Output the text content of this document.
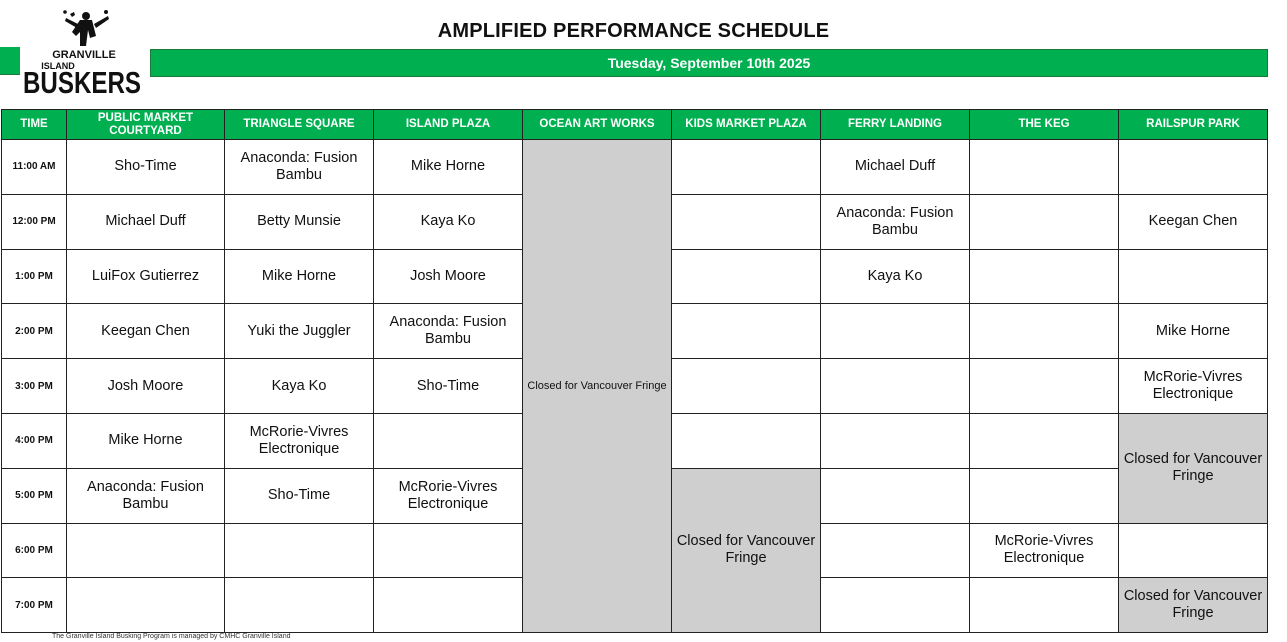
GRANVILLE
ISLAND
BUSKERS
AMPLIFIED PERFORMANCE SCHEDULE
Tuesday, September 10th 2025
TIME	PUBLIC MARKET COURTYARD	TRIANGLE SQUARE	ISLAND PLAZA	OCEAN ART WORKS	KIDS MARKET PLAZA	FERRY LANDING	THE KEG	RAILSPUR PARK
11:00 AM	Sho-Time	Anaconda: Fusion Bambu	Mike Horne	Closed for Vancouver Fringe		Michael Duff		
12:00 PM	Michael Duff	Betty Munsie	Kaya Ko			Anaconda: Fusion Bambu		Keegan Chen
1:00 PM	LuiFox Gutierrez	Mike Horne	Josh Moore			Kaya Ko		
2:00 PM	Keegan Chen	Yuki the Juggler	Anaconda: Fusion Bambu					Mike Horne
3:00 PM	Josh Moore	Kaya Ko	Sho-Time					McRorie-Vivres Electronique
4:00 PM	Mike Horne	McRorie-Vivres Electronique						Closed for Vancouver Fringe
5:00 PM	Anaconda: Fusion Bambu	Sho-Time	McRorie-Vivres Electronique		Closed for Vancouver Fringe			
6:00 PM							McRorie-Vivres Electronique	
7:00 PM								Closed for Vancouver Fringe
The Granville Island Busking Program is managed by CMHC Granville Island
